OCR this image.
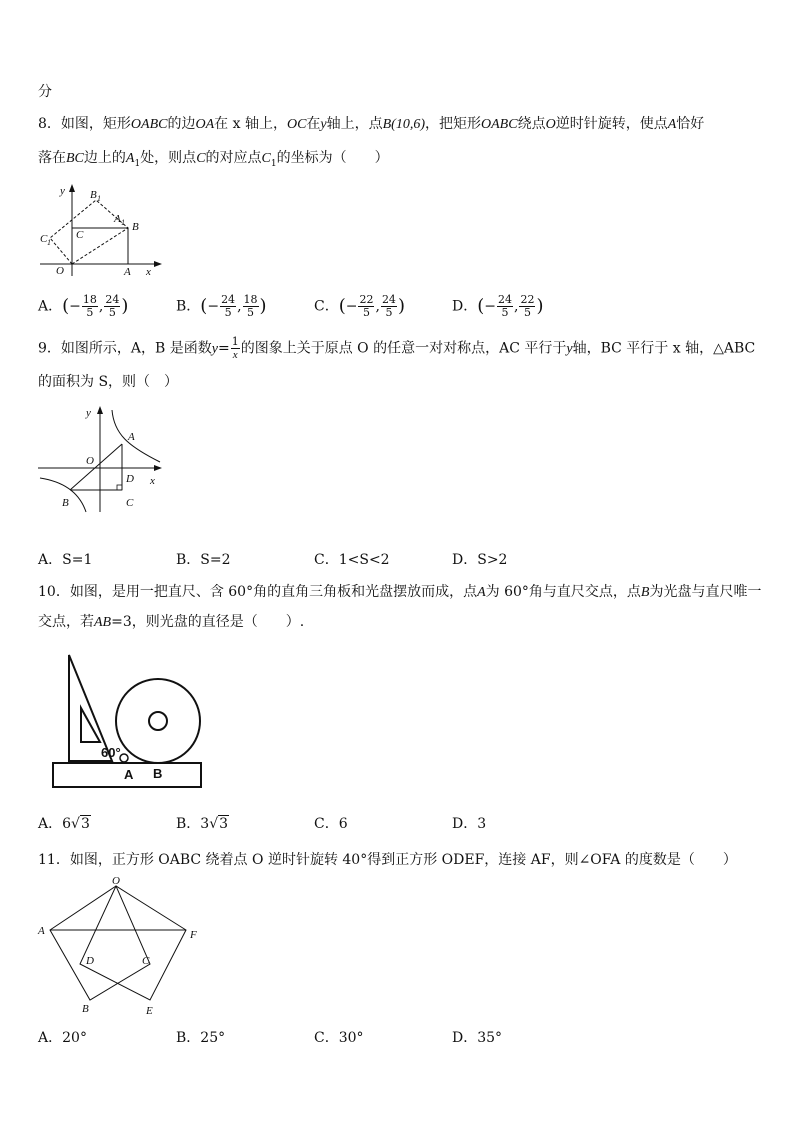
分
8．如图，矩形OABC的边OA在 x 轴上，OC在y轴上，点B(10,6)，把矩形OABC绕点O逆时针旋转，使点A恰好
落在BC边上的$A_1$处，则点C的对应点$C_1$的坐标为（　　）
y
x
O	A
B
C
A 1
B 1
C 1
A．(− $\frac{18}{5}$ , $\frac{24}{5}$ )	B．(− $\frac{24}{5}$ , $\frac{18}{5}$ )	C．(− $\frac{22}{5}$ , $\frac{24}{5}$ )	D．(− $\frac{24}{5}$ , $\frac{22}{5}$ )
9．如图所示，A，B 是函数$y= \frac{1}{x}$ 的图象上关于原点 O 的任意一对对称点，AC 平行于y轴，BC 平行于 x 轴，△ABC
的面积为 S，则（　）
y
x
O
A
B	C
D
A．S=1	B．S=2	C．1<S<2	D．S>2
10．如图，是用一把直尺、含 60°角的直角三角板和光盘摆放而成，点A为 60°角与直尺交点，点B为光盘与直尺唯一
交点，若AB=3，则光盘的直径是（　　）.
60°
A B
A．6√3	B．3√3	C．6	D．3
11．如图，正方形 OABC 绕着点 O 逆时针旋转 40°得到正方形 ODEF，连接 AF，则∠OFA 的度数是（　　）
O
A	F
D	C
B	E
A．20°	B．25°	C．30°	D．35°
